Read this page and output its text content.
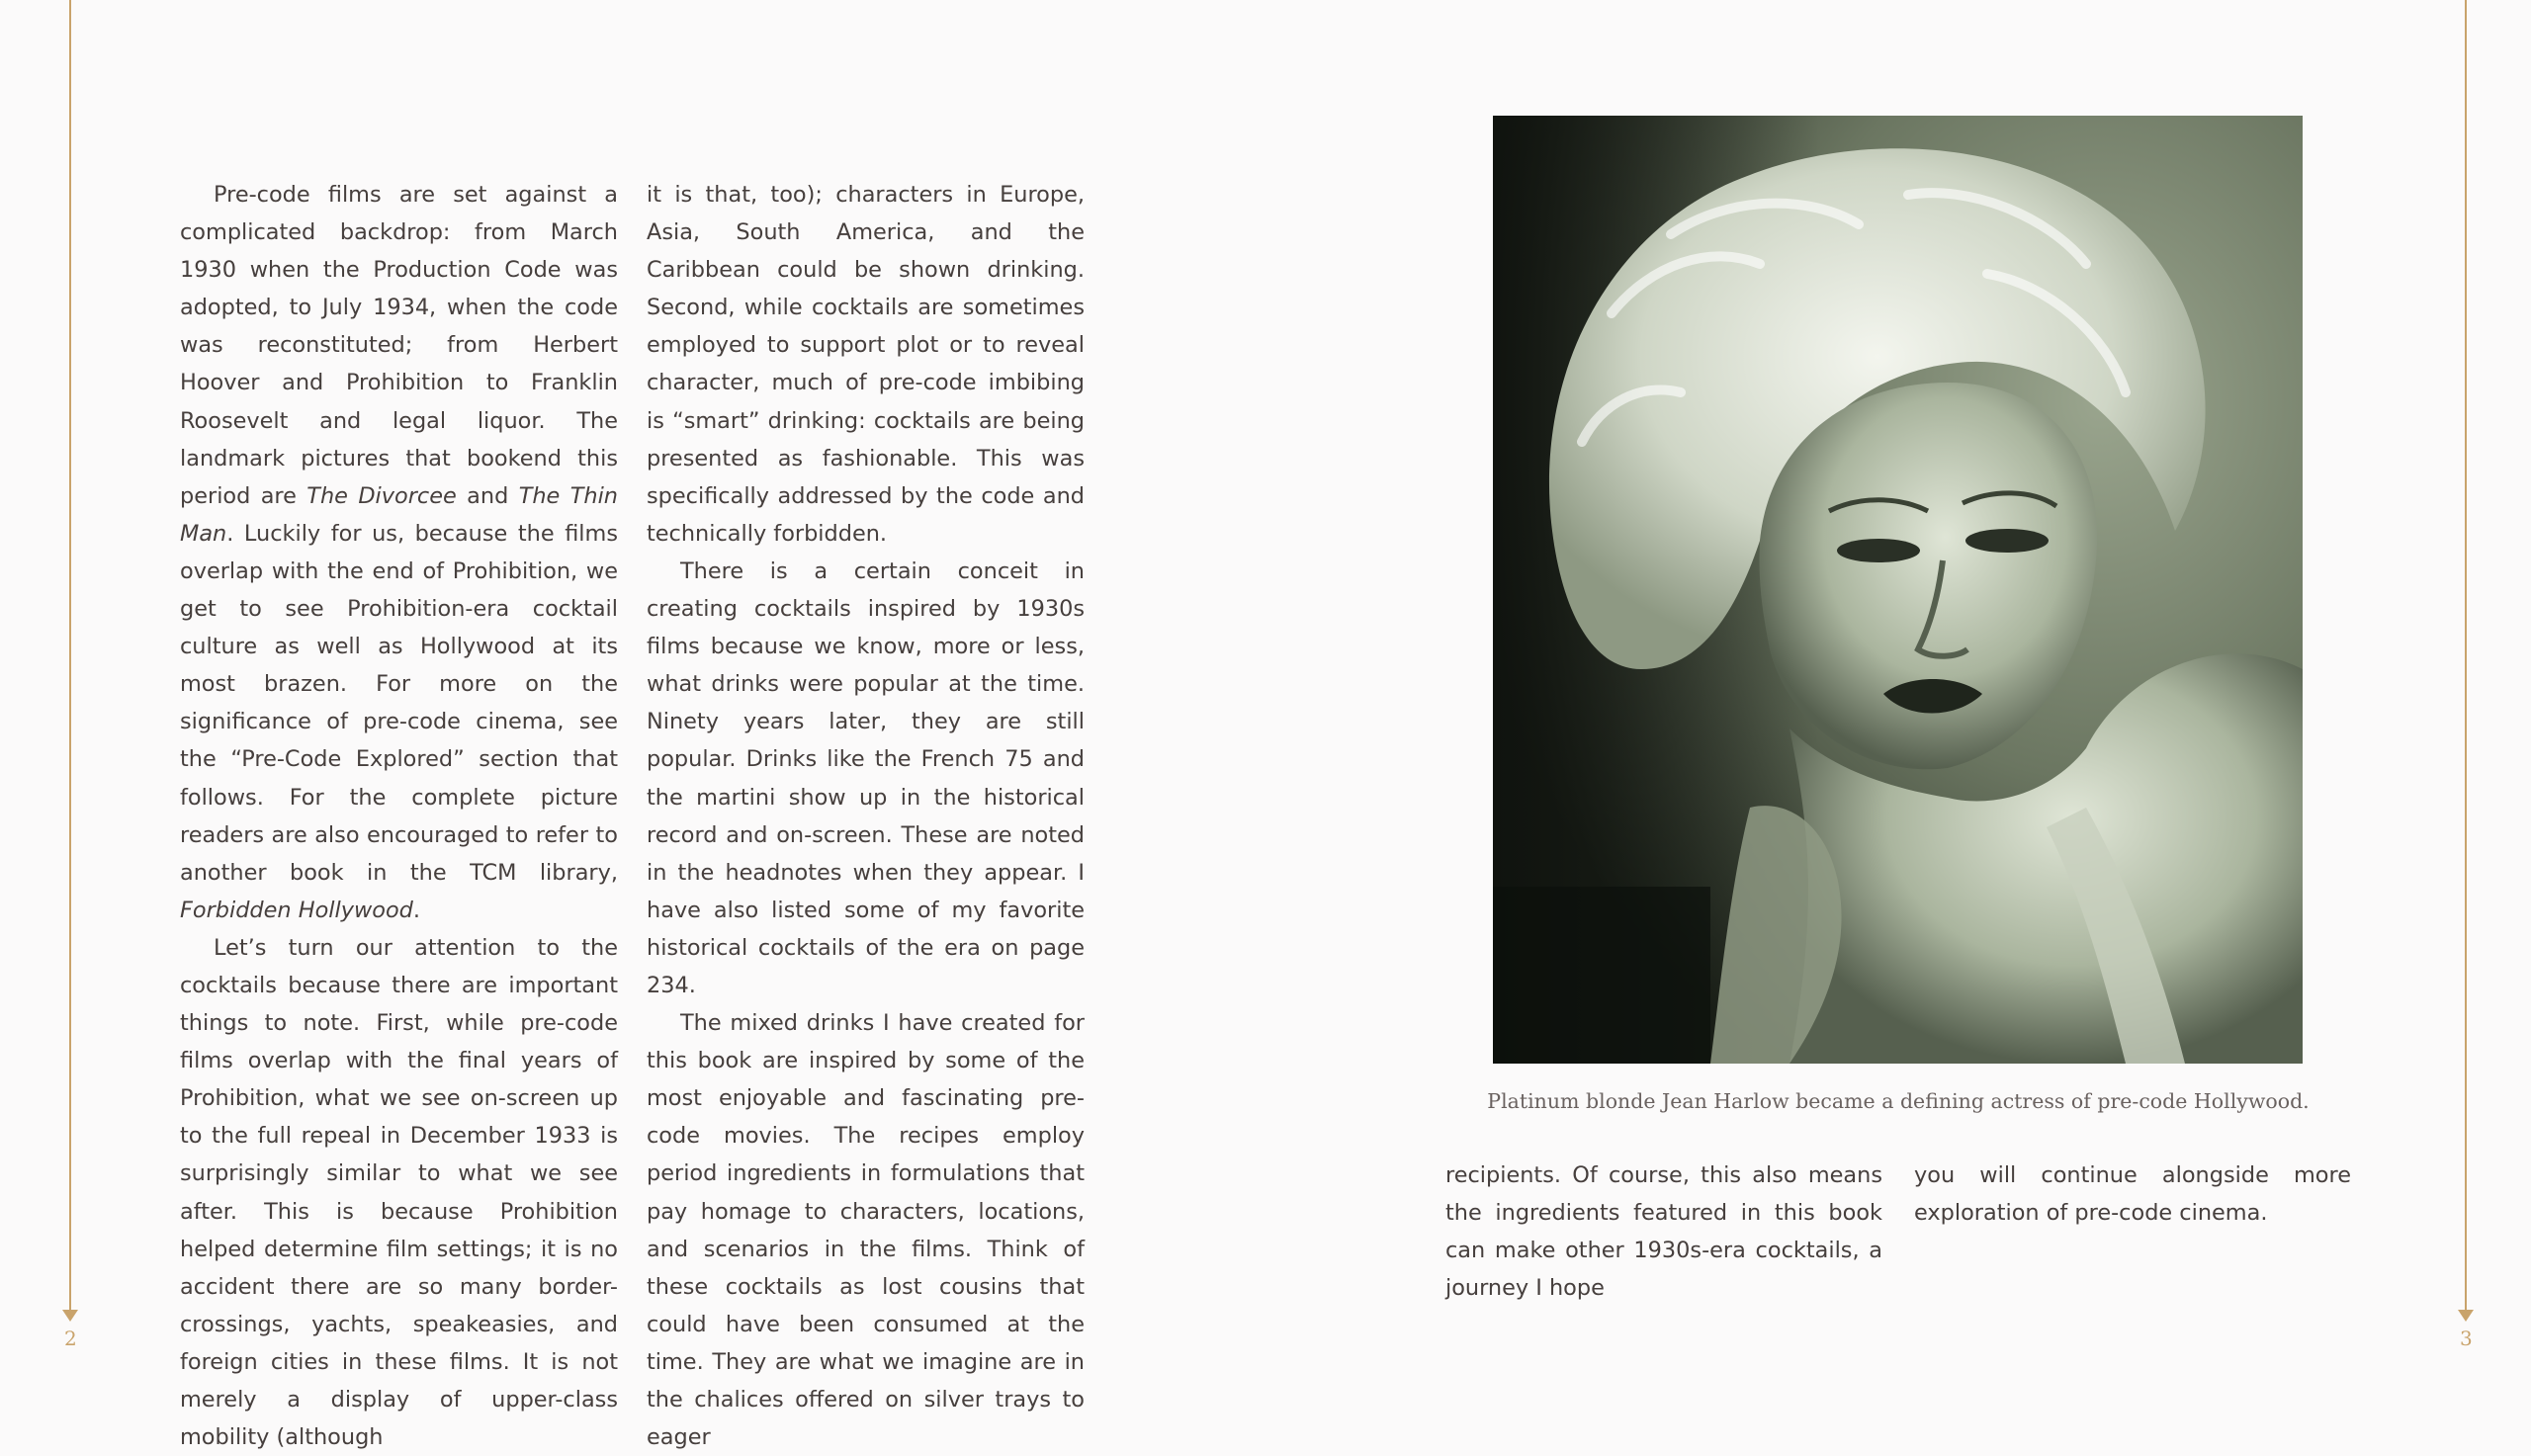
2	3

Pre-code films are set against a complicated backdrop: from March 1930 when the Production Code was adopted, to July 1934, when the code was reconstituted; from Herbert Hoover and Prohibition to Franklin Roosevelt and legal liquor. The landmark pictures that bookend this period are The Divorcee and The Thin Man. Luckily for us, because the films overlap with the end of Prohibition, we get to see Prohibition-era cocktail culture as well as Hollywood at its most brazen. For more on the significance of pre-code cinema, see the “Pre-Code Explored” section that follows. For the complete picture readers are also encouraged to refer to another book in the TCM library, Forbidden Hollywood.

Let’s turn our attention to the cocktails because there are important things to note. First, while pre-code films overlap with the final years of Prohibition, what we see on-screen up to the full repeal in December 1933 is surprisingly similar to what we see after. This is because Prohibition helped determine film settings; it is no accident there are so many border-crossings, yachts, speakeasies, and foreign cities in these films. It is not merely a display of upper-class mobility (although

it is that, too); characters in Europe, Asia, South America, and the Caribbean could be shown drinking. Second, while cocktails are sometimes employed to support plot or to reveal character, much of pre-code imbibing is “smart” drinking: cocktails are being presented as fashionable. This was specifically addressed by the code and technically forbidden.

There is a certain conceit in creating cocktails inspired by 1930s films because we know, more or less, what drinks were popular at the time. Ninety years later, they are still popular. Drinks like the French 75 and the martini show up in the historical record and on-screen. These are noted in the headnotes when they appear. I have also listed some of my favorite historical cocktails of the era on page 234.

The mixed drinks I have created for this book are inspired by some of the most enjoyable and fascinating pre-code movies. The recipes employ period ingredients in formulations that pay homage to characters, locations, and scenarios in the films. Think of these cocktails as lost cousins that could have been consumed at the time. They are what we imagine are in the chalices offered on silver trays to eager

Platinum blonde Jean Harlow became a defining actress of pre-code Hollywood.

recipients. Of course, this also means the ingredients featured in this book can make other 1930s-era cocktails, a journey I hope

you will continue alongside more exploration of pre-code cinema.
